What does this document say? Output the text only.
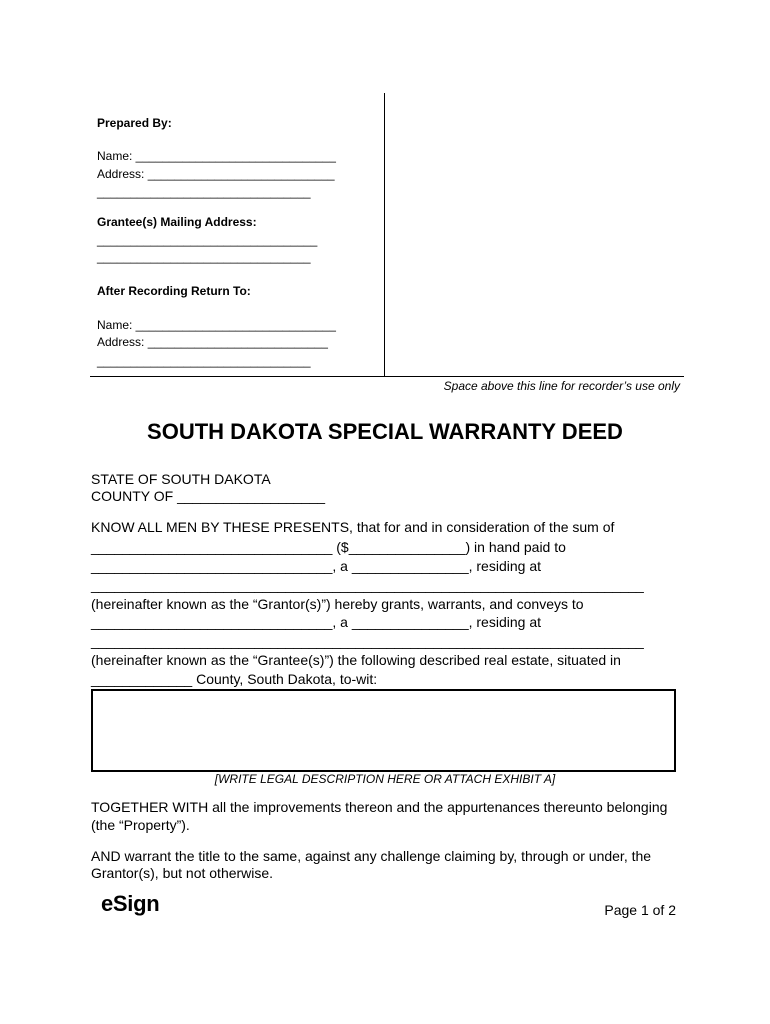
Prepared By:
Name: ______________________________
Address: ____________________________
________________________________
Grantee(s) Mailing Address:
_________________________________
________________________________
After Recording Return To:
Name: ______________________________
Address: ___________________________
________________________________
Space above this line for recorder’s use only
SOUTH DAKOTA SPECIAL WARRANTY DEED
STATE OF SOUTH DAKOTA
COUNTY OF ___________________
KNOW ALL MEN BY THESE PRESENTS, that for and in consideration of the sum of
_______________________________ ($_______________) in hand paid to
_______________________________, a _______________, residing at
_______________________________________________________________________
(hereinafter known as the “Grantor(s)”) hereby grants, warrants, and conveys to
_______________________________, a _______________, residing at
_______________________________________________________________________
(hereinafter known as the “Grantee(s)”) the following described real estate, situated in
_____________ County, South Dakota, to-wit:
[WRITE LEGAL DESCRIPTION HERE OR ATTACH EXHIBIT A]
TOGETHER WITH all the improvements thereon and the appurtenances thereunto belonging
(the “Property”).
AND warrant the title to the same, against any challenge claiming by, through or under, the
Grantor(s), but not otherwise.
eSign	Page 1 of 2
